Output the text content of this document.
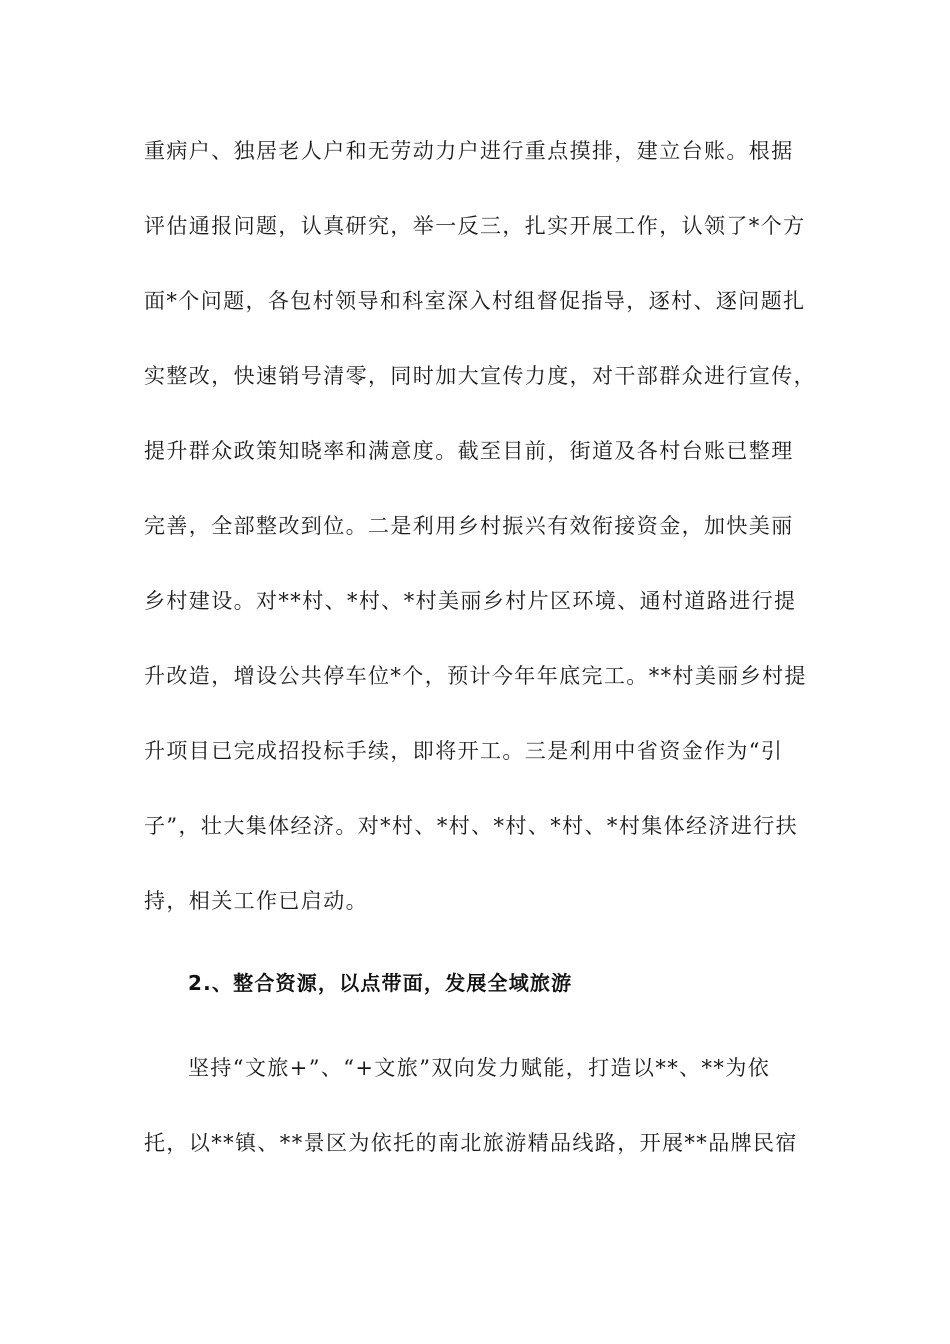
重病户、独居老人户和无劳动力户进行重点摸排，建立台账。根据
评估通报问题，认真研究，举一反三，扎实开展工作，认领了*个方
面*个问题，各包村领导和科室深入村组督促指导，逐村、逐问题扎
实整改，快速销号清零，同时加大宣传力度，对干部群众进行宣传，
提升群众政策知晓率和满意度。截至目前，街道及各村台账已整理
完善，全部整改到位。二是利用乡村振兴有效衔接资金，加快美丽
乡村建设。对**村、*村、*村美丽乡村片区环境、通村道路进行提
升改造，增设公共停车位*个，预计今年年底完工。**村美丽乡村提
升项目已完成招投标手续，即将开工。三是利用中省资金作为“引
子”，壮大集体经济。对*村、*村、*村、*村、*村集体经济进行扶
持，相关工作已启动。
2.、整合资源，以点带面，发展全域旅游
坚持“文旅+”、“+文旅”双向发力赋能，打造以**、**为依
托，以**镇、**景区为依托的南北旅游精品线路，开展**品牌民宿
